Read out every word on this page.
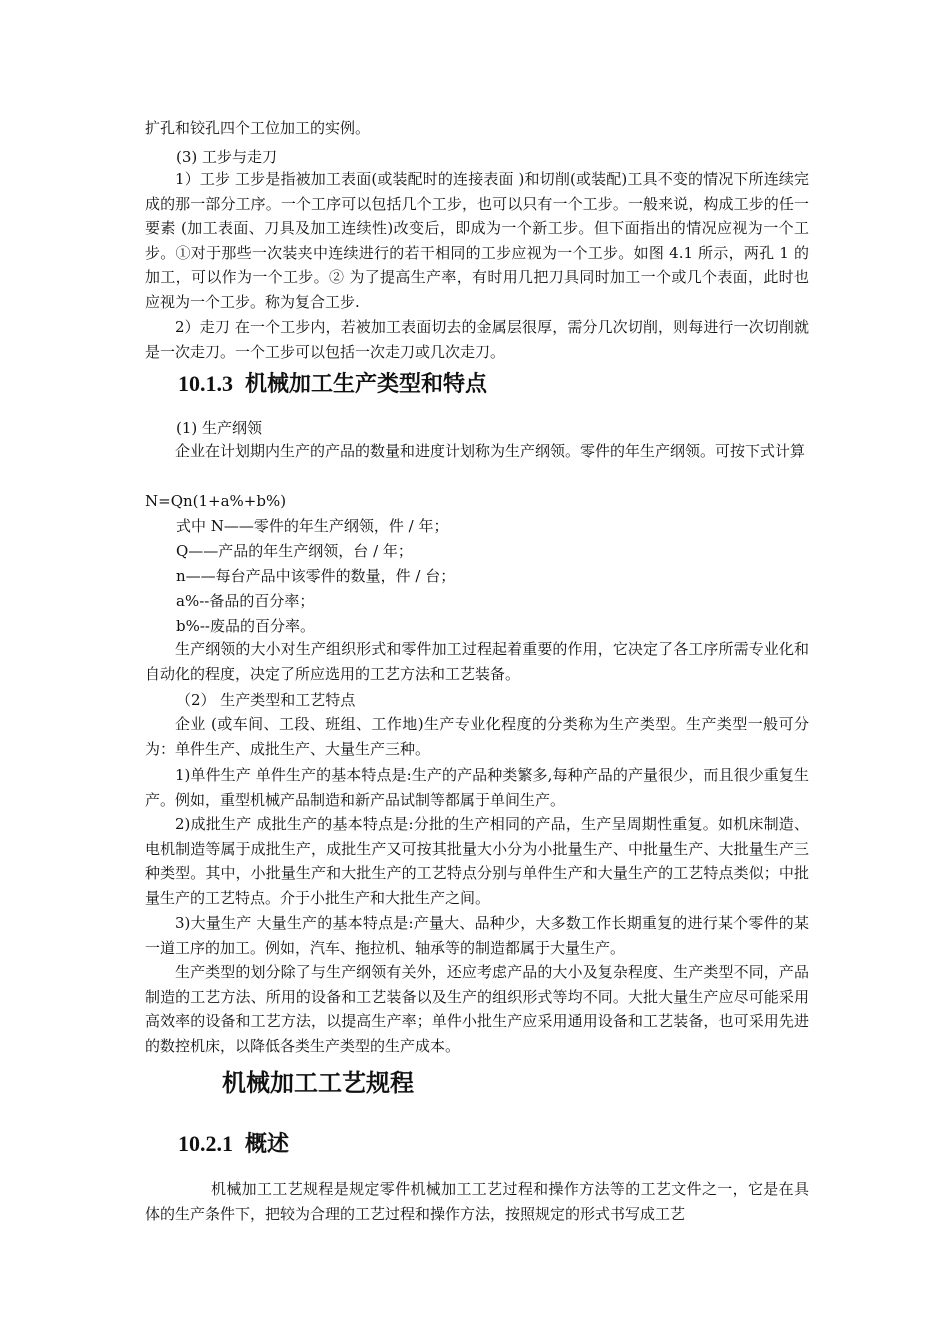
扩孔和铰孔四个工位加工的实例。

(3) 工步与走刀

1）工步 工步是指被加工表面(或装配时的连接表面 )和切削(或装配)工具不变的情况下所连续完成的那一部分工序。一个工序可以包括几个工步，也可以只有一个工步。一般来说，构成工步的任一要素 (加工表面、刀具及加工连续性)改变后，即成为一个新工步。但下面指出的情况应视为一个工步。①对于那些一次装夹中连续进行的若干相同的工步应视为一个工步。如图 4.1 所示，两孔 1 的加工，可以作为一个工步。② 为了提高生产率，有时用几把刀具同时加工一个或几个表面，此时也应视为一个工步。称为复合工步.

2）走刀 在一个工步内，若被加工表面切去的金属层很厚，需分几次切削，则每进行一次切削就是一次走刀。一个工步可以包括一次走刀或几次走刀。

10.1.3 机械加工生产类型和特点

(1) 生产纲领

企业在计划期内生产的产品的数量和进度计划称为生产纲领。零件的年生产纲领。可按下式计算

N=Qn(1+a%+b%)

式中 N——零件的年生产纲领，件 / 年；

Q——产品的年生产纲领，台 / 年；

n——每台产品中该零件的数量，件 / 台；

a%--备品的百分率；

b%--废品的百分率。

生产纲领的大小对生产组织形式和零件加工过程起着重要的作用，它决定了各工序所需专业化和自动化的程度，决定了所应选用的工艺方法和工艺装备。

（2） 生产类型和工艺特点

企业 (或车间、工段、班组、工作地)生产专业化程度的分类称为生产类型。生产类型一般可分为：单件生产、成批生产、大量生产三种。

1)单件生产 单件生产的基本特点是:生产的产品种类繁多,每种产品的产量很少，而且很少重复生产。例如，重型机械产品制造和新产品试制等都属于单间生产。

2)成批生产 成批生产的基本特点是:分批的生产相同的产品，生产呈周期性重复。如机床制造、电机制造等属于成批生产，成批生产又可按其批量大小分为小批量生产、中批量生产、大批量生产三种类型。其中，小批量生产和大批生产的工艺特点分别与单件生产和大量生产的工艺特点类似；中批量生产的工艺特点。介于小批生产和大批生产之间。

3)大量生产 大量生产的基本特点是:产量大、品种少，大多数工作长期重复的进行某个零件的某一道工序的加工。例如，汽车、拖拉机、轴承等的制造都属于大量生产。

生产类型的划分除了与生产纲领有关外，还应考虑产品的大小及复杂程度、生产类型不同，产品制造的工艺方法、所用的设备和工艺装备以及生产的组织形式等均不同。大批大量生产应尽可能采用高效率的设备和工艺方法，以提高生产率；单件小批生产应采用通用设备和工艺装备，也可采用先进的数控机床，以降低各类生产类型的生产成本。

机械加工工艺规程
10.2.1 概述

机械加工工艺规程是规定零件机械加工工艺过程和操作方法等的工艺文件之一，它是在具体的生产条件下，把较为合理的工艺过程和操作方法，按照规定的形式书写成工艺
